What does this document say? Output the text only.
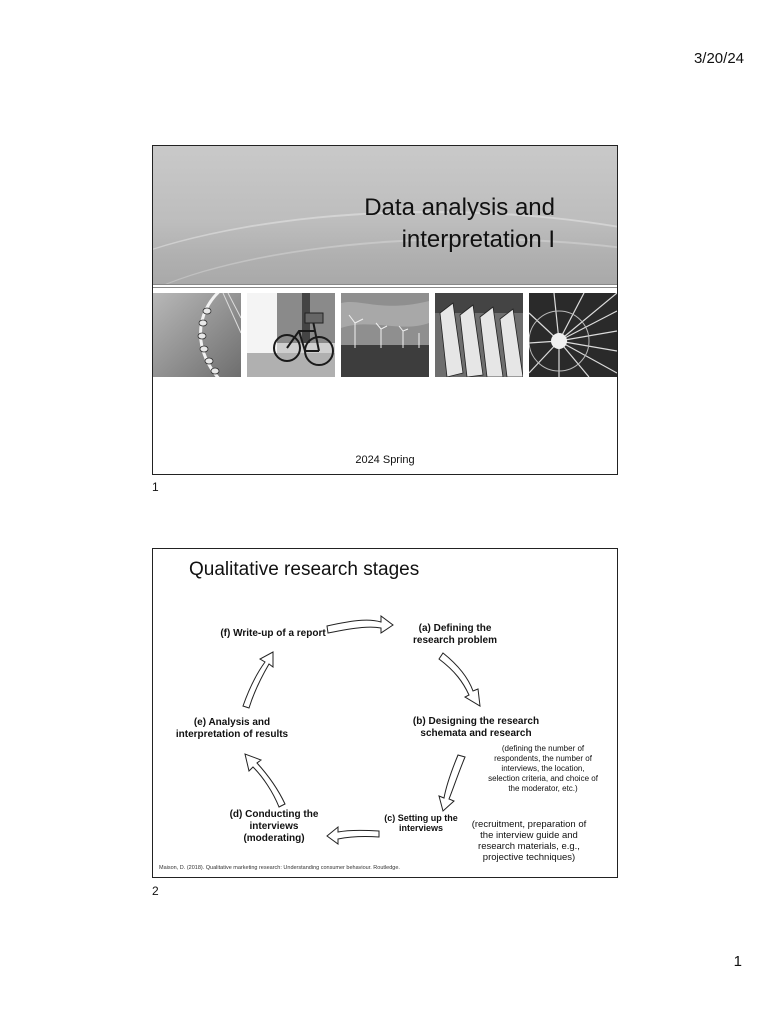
3/20/24
Data analysis and
interpretation I
2024 Spring
1
Qualitative research stages
(a) Defining the
research problem
(b) Designing the research
schemata and research
(defining the number of
respondents, the number of
interviews, the location,
selection criteria, and choice of
the moderator, etc.)
(c) Setting up the
interviews	(recruitment, preparation of
the interview guide and
research materials, e.g.,
projective techniques)
(d) Conducting the
interviews
(moderating)
(e) Analysis and
interpretation of results
(f) Write-up of a report
Maison, D. (2018). Qualitative marketing research: Understanding consumer behaviour. Routledge.
2
1
